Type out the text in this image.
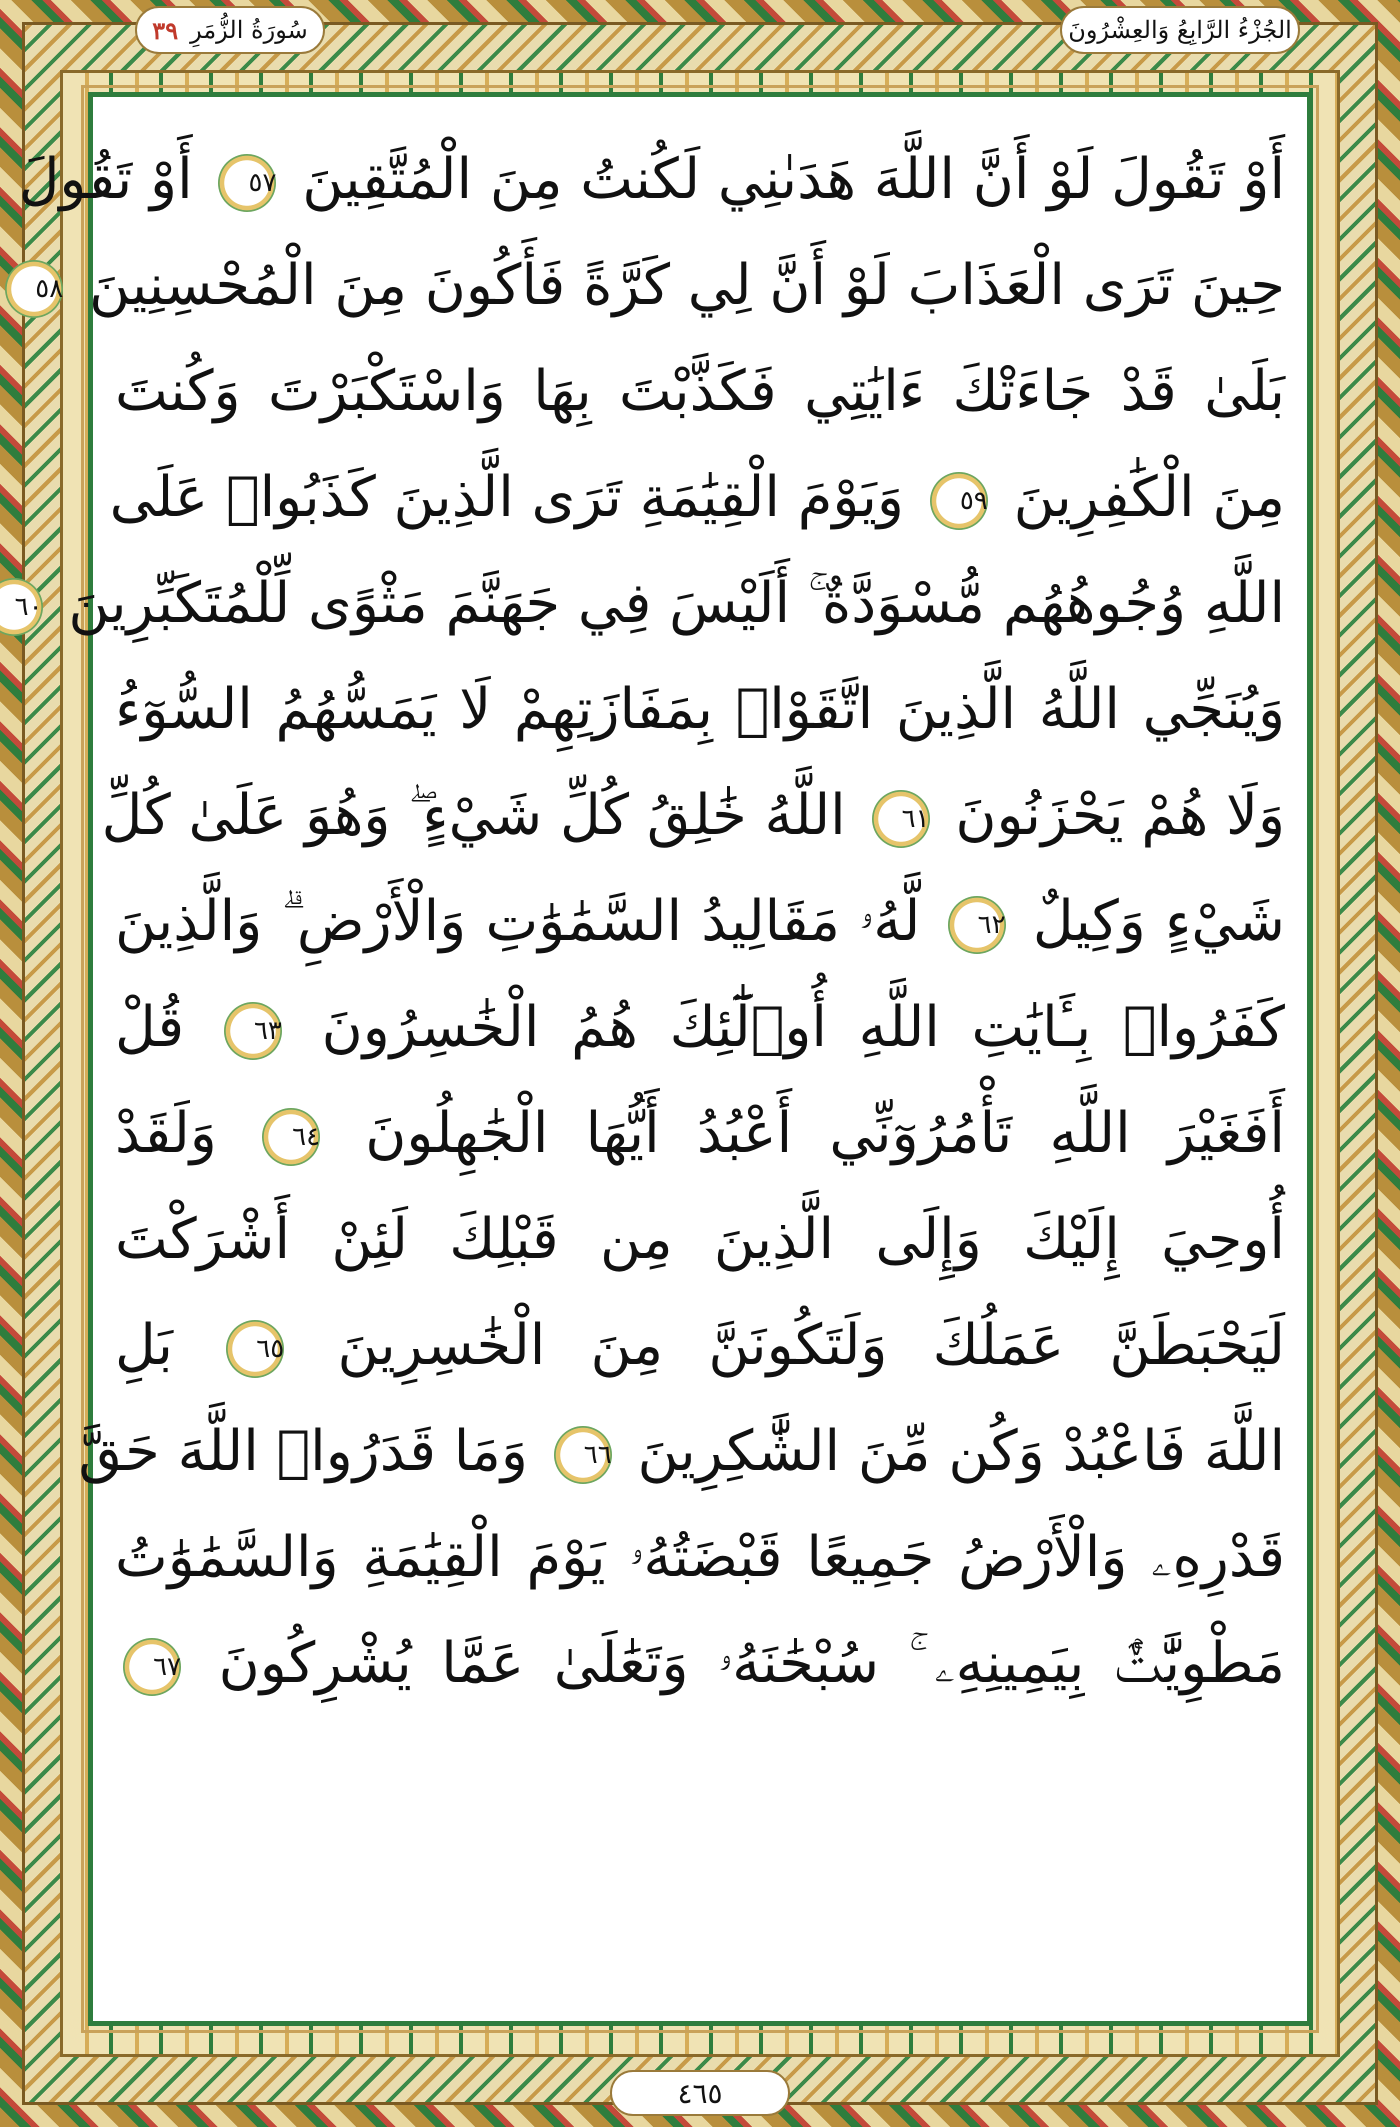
سُورَةُ الزُّمَرِ
٣٩	الجُزْءُ الرَّابِعُ وَالعِشْرُونَ
أَوْ تَقُولَ لَوْ أَنَّ اللَّهَ هَدَىٰنِي لَكُنتُ مِنَ الْمُتَّقِينَ ٥٧ أَوْ تَقُولَ
حِينَ تَرَى الْعَذَابَ لَوْ أَنَّ لِي كَرَّةً فَأَكُونَ مِنَ الْمُحْسِنِينَ ٥٨
بَلَىٰ قَدْ جَاءَتْكَ ءَايَٰتِي فَكَذَّبْتَ بِهَا وَاسْتَكْبَرْتَ وَكُنتَ
مِنَ الْكَٰفِرِينَ ٥٩ وَيَوْمَ الْقِيَٰمَةِ تَرَى الَّذِينَ كَذَبُوا۟ عَلَى
اللَّهِ وُجُوهُهُم مُّسْوَدَّةٌ ۚ أَلَيْسَ فِي جَهَنَّمَ مَثْوًى لِّلْمُتَكَبِّرِينَ ٦٠
وَيُنَجِّي اللَّهُ الَّذِينَ اتَّقَوْا۟ بِمَفَازَتِهِمْ لَا يَمَسُّهُمُ السُّوٓءُ
وَلَا هُمْ يَحْزَنُونَ ٦١ اللَّهُ خَٰلِقُ كُلِّ شَيْءٍ ۖ وَهُوَ عَلَىٰ كُلِّ
شَيْءٍ وَكِيلٌ ٦٢ لَّهُۥ مَقَالِيدُ السَّمَٰوَٰتِ وَالْأَرْضِ ۗ وَالَّذِينَ
كَفَرُوا۟ بِـَٔايَٰتِ اللَّهِ أُو۟لَٰٓئِكَ هُمُ الْخَٰسِرُونَ ٦٣ قُلْ
أَفَغَيْرَ اللَّهِ تَأْمُرُوٓنِّي أَعْبُدُ أَيُّهَا الْجَٰهِلُونَ ٦٤ وَلَقَدْ
أُوحِيَ إِلَيْكَ وَإِلَى الَّذِينَ مِن قَبْلِكَ لَئِنْ أَشْرَكْتَ
لَيَحْبَطَنَّ عَمَلُكَ وَلَتَكُونَنَّ مِنَ الْخَٰسِرِينَ ٦٥ بَلِ
اللَّهَ فَاعْبُدْ وَكُن مِّنَ الشَّٰكِرِينَ ٦٦ وَمَا قَدَرُوا۟ اللَّهَ حَقَّ
قَدْرِهِۦ وَالْأَرْضُ جَمِيعًا قَبْضَتُهُۥ يَوْمَ الْقِيَٰمَةِ وَالسَّمَٰوَٰتُ
مَطْوِيَّٰتٌۢ بِيَمِينِهِۦ ۚ سُبْحَٰنَهُۥ وَتَعَٰلَىٰ عَمَّا يُشْرِكُونَ ٦٧
٤٦٥
